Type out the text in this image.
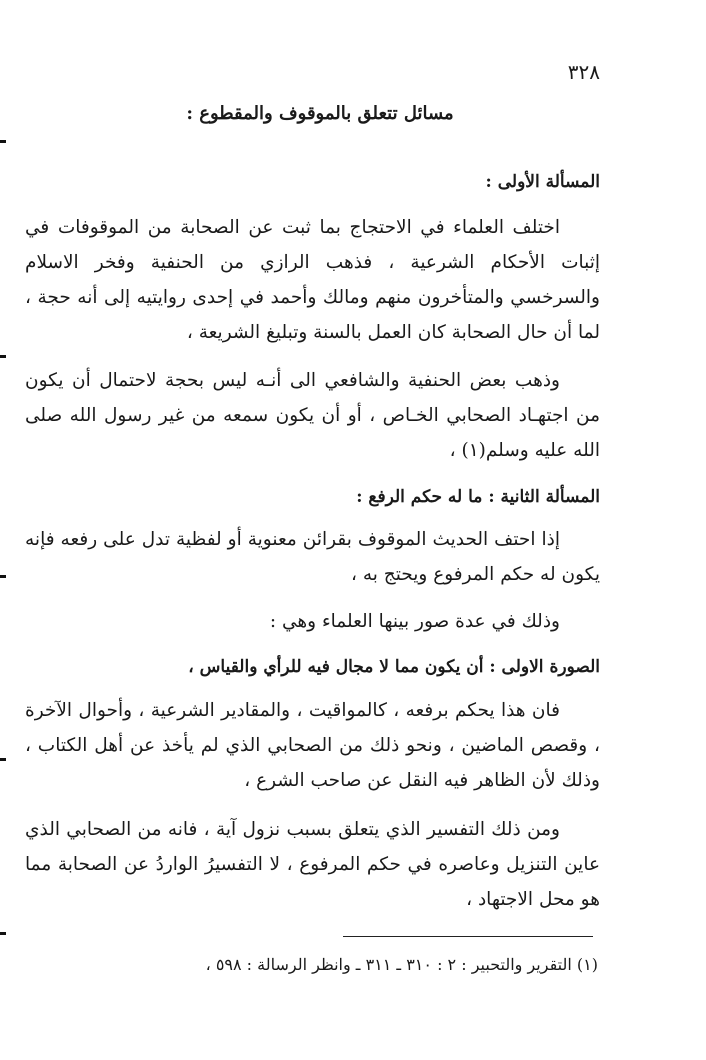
٣٢٨
مسائل تتعلق بالموقوف والمقطوع :
المسألة الأولى :

اختلف العلماء في الاحتجاج بما ثبت عن الصحابة من الموقوفات في إثبات الأحكام الشرعية ، فذهب الرازي من الحنفية وفخر الاسلام والسرخسي والمتأخرون منهم ومالك وأحمد في إحدى روايتيه إلى أنه حجة ، لما أن حال الصحابة كان العمل بالسنة وتبليغ الشريعة ،

وذهب بعض الحنفية والشافعي الى أنـه ليس بحجة لاحتمال أن يكون من اجتهـاد الصحابي الخـاص ، أو أن يكون سمعه من غير رسول الله صلى الله عليه وسلم(١) ،

المسألة الثانية : ما له حكم الرفع :

إذا احتف الحديث الموقوف بقرائن معنوية أو لفظية تدل على رفعه فإنه يكون له حكم المرفوع ويحتج به ،

وذلك في عدة صور بينها العلماء وهي :

الصورة الاولى : أن يكون مما لا مجال فيه للرأي والقياس ،

فان هذا يحكم برفعه ، كالمواقيت ، والمقادير الشرعية ، وأحوال الآخرة ، وقصص الماضين ، ونحو ذلك من الصحابي الذي لم يأخذ عن أهل الكتاب ، وذلك لأن الظاهر فيه النقل عن صاحب الشرع ،

ومن ذلك التفسير الذي يتعلق بسبب نزول آية ، فانه من الصحابي الذي عاين التنزيل وعاصره في حكم المرفوع ، لا التفسيرُ الواردُ عن الصحابة مما هو محل الاجتهاد ،

(١) التقرير والتحبير : ٢ : ٣١٠ ـ ٣١١ ـ وانظر الرسالة : ٥٩٨ ،
